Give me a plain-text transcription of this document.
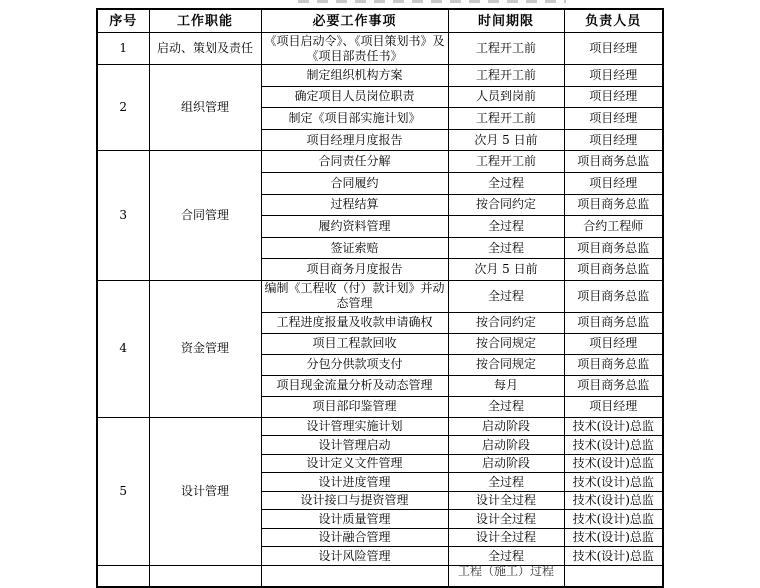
序号	工作职能	必要工作事项	时间期限	负责人员
1	启动、策划及责任	《项目启动令》、《项目策划书》及《项目部责任书》	工程开工前	项目经理
2	组织管理	制定组织机构方案	工程开工前	项目经理
		确定项目人员岗位职责	人员到岗前	项目经理
		制定《项目部实施计划》	工程开工前	项目经理
		项目经理月度报告	次月 5 日前	项目经理
3	合同管理	合同责任分解	工程开工前	项目商务总监
		合同履约	全过程	项目经理
		过程结算	按合同约定	项目商务总监
		履约资料管理	全过程	合约工程师
		签证索赔	全过程	项目商务总监
		项目商务月度报告	次月 5 日前	项目商务总监
4	资金管理	编制《工程收（付）款计划》并动态管理	全过程	项目商务总监
		工程进度报量及收款申请确权	按合同约定	项目商务总监
		项目工程款回收	按合同规定	项目经理
		分包分供款项支付	按合同规定	项目商务总监
		项目现金流量分析及动态管理	每月	项目商务总监
		项目部印鉴管理	全过程	项目经理
5	设计管理	设计管理实施计划	启动阶段	技术(设计)总监
		设计管理启动	启动阶段	技术(设计)总监
		设计定义文件管理	启动阶段	技术(设计)总监
		设计进度管理	全过程	技术(设计)总监
		设计接口与提资管理	设计全过程	技术(设计)总监
		设计质量管理	设计全过程	技术(设计)总监
		设计融合管理	设计全过程	技术(设计)总监
		设计风险管理	全过程	技术(设计)总监
			工程（施工）过程	
